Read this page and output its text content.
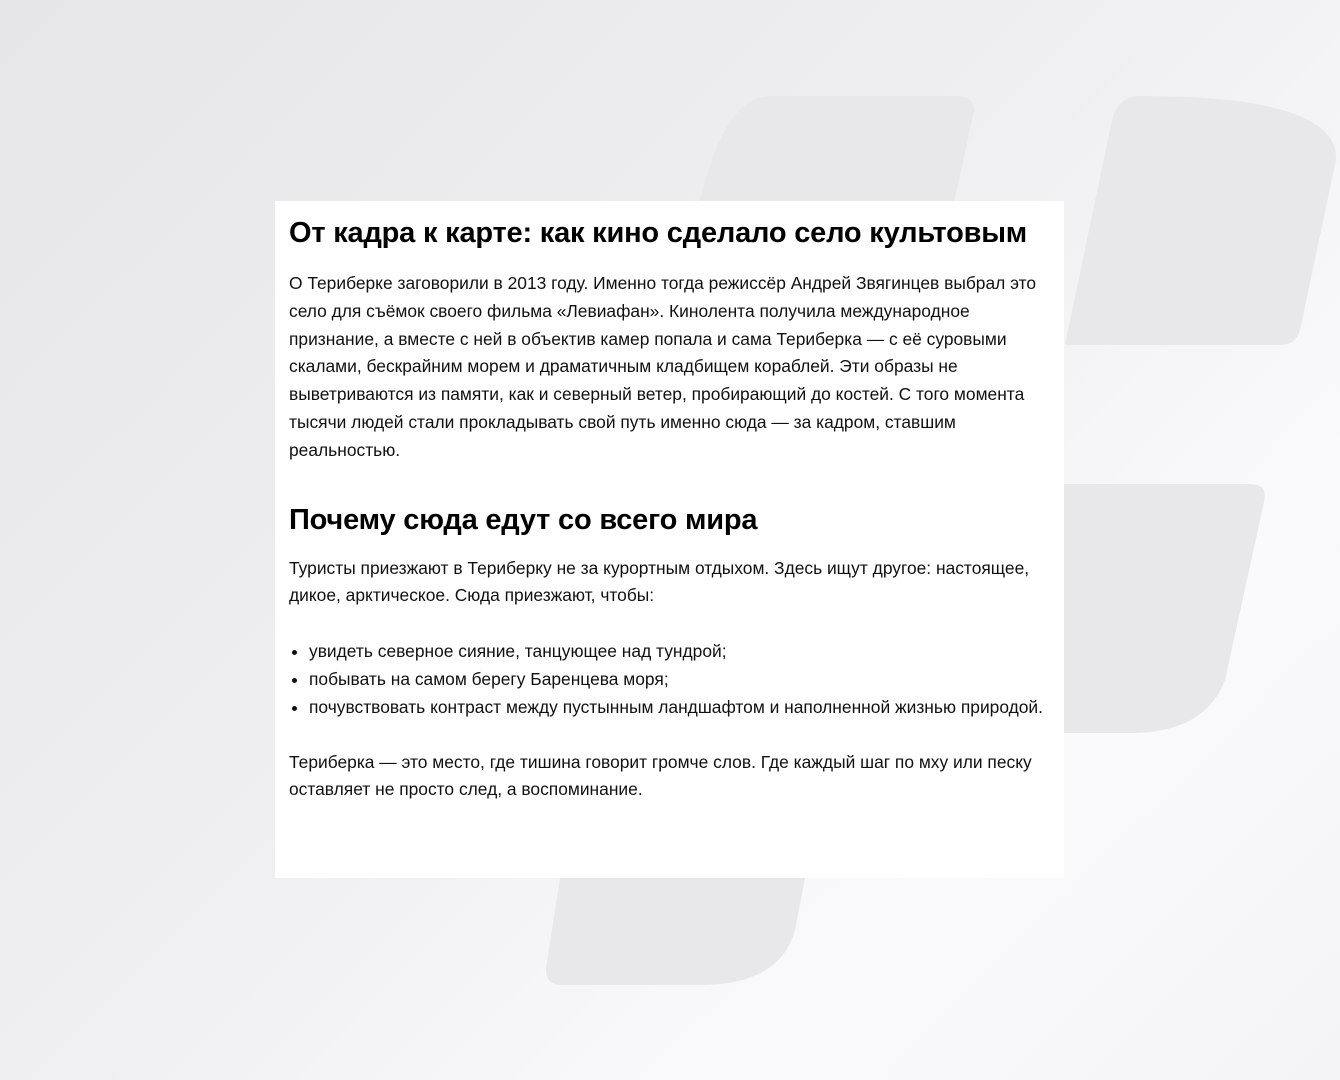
От кадра к карте: как кино сделало село культовым

О Териберке заговорили в 2013 году. Именно тогда режиссёр Андрей Звягинцев выбрал это село для съёмок своего фильма «Левиафан». Кинолента получила международное признание, а вместе с ней в объектив камер попала и сама Териберка — с её суровыми скалами, бескрайним морем и драматичным кладбищем кораблей. Эти образы не выветриваются из памяти, как и северный ветер, пробирающий до костей. С того момента тысячи людей стали прокладывать свой путь именно сюда — за кадром, ставшим реальностью.

Почему сюда едут со всего мира

Туристы приезжают в Териберку не за курортным отдыхом. Здесь ищут другое: настоящее, дикое, арктическое. Сюда приезжают, чтобы:

• увидеть северное сияние, танцующее над тундрой;
• побывать на самом берегу Баренцева моря;
• почувствовать контраст между пустынным ландшафтом и наполненной жизнью природой.

Териберка — это место, где тишина говорит громче слов. Где каждый шаг по мху или песку оставляет не просто след, а воспоминание.
